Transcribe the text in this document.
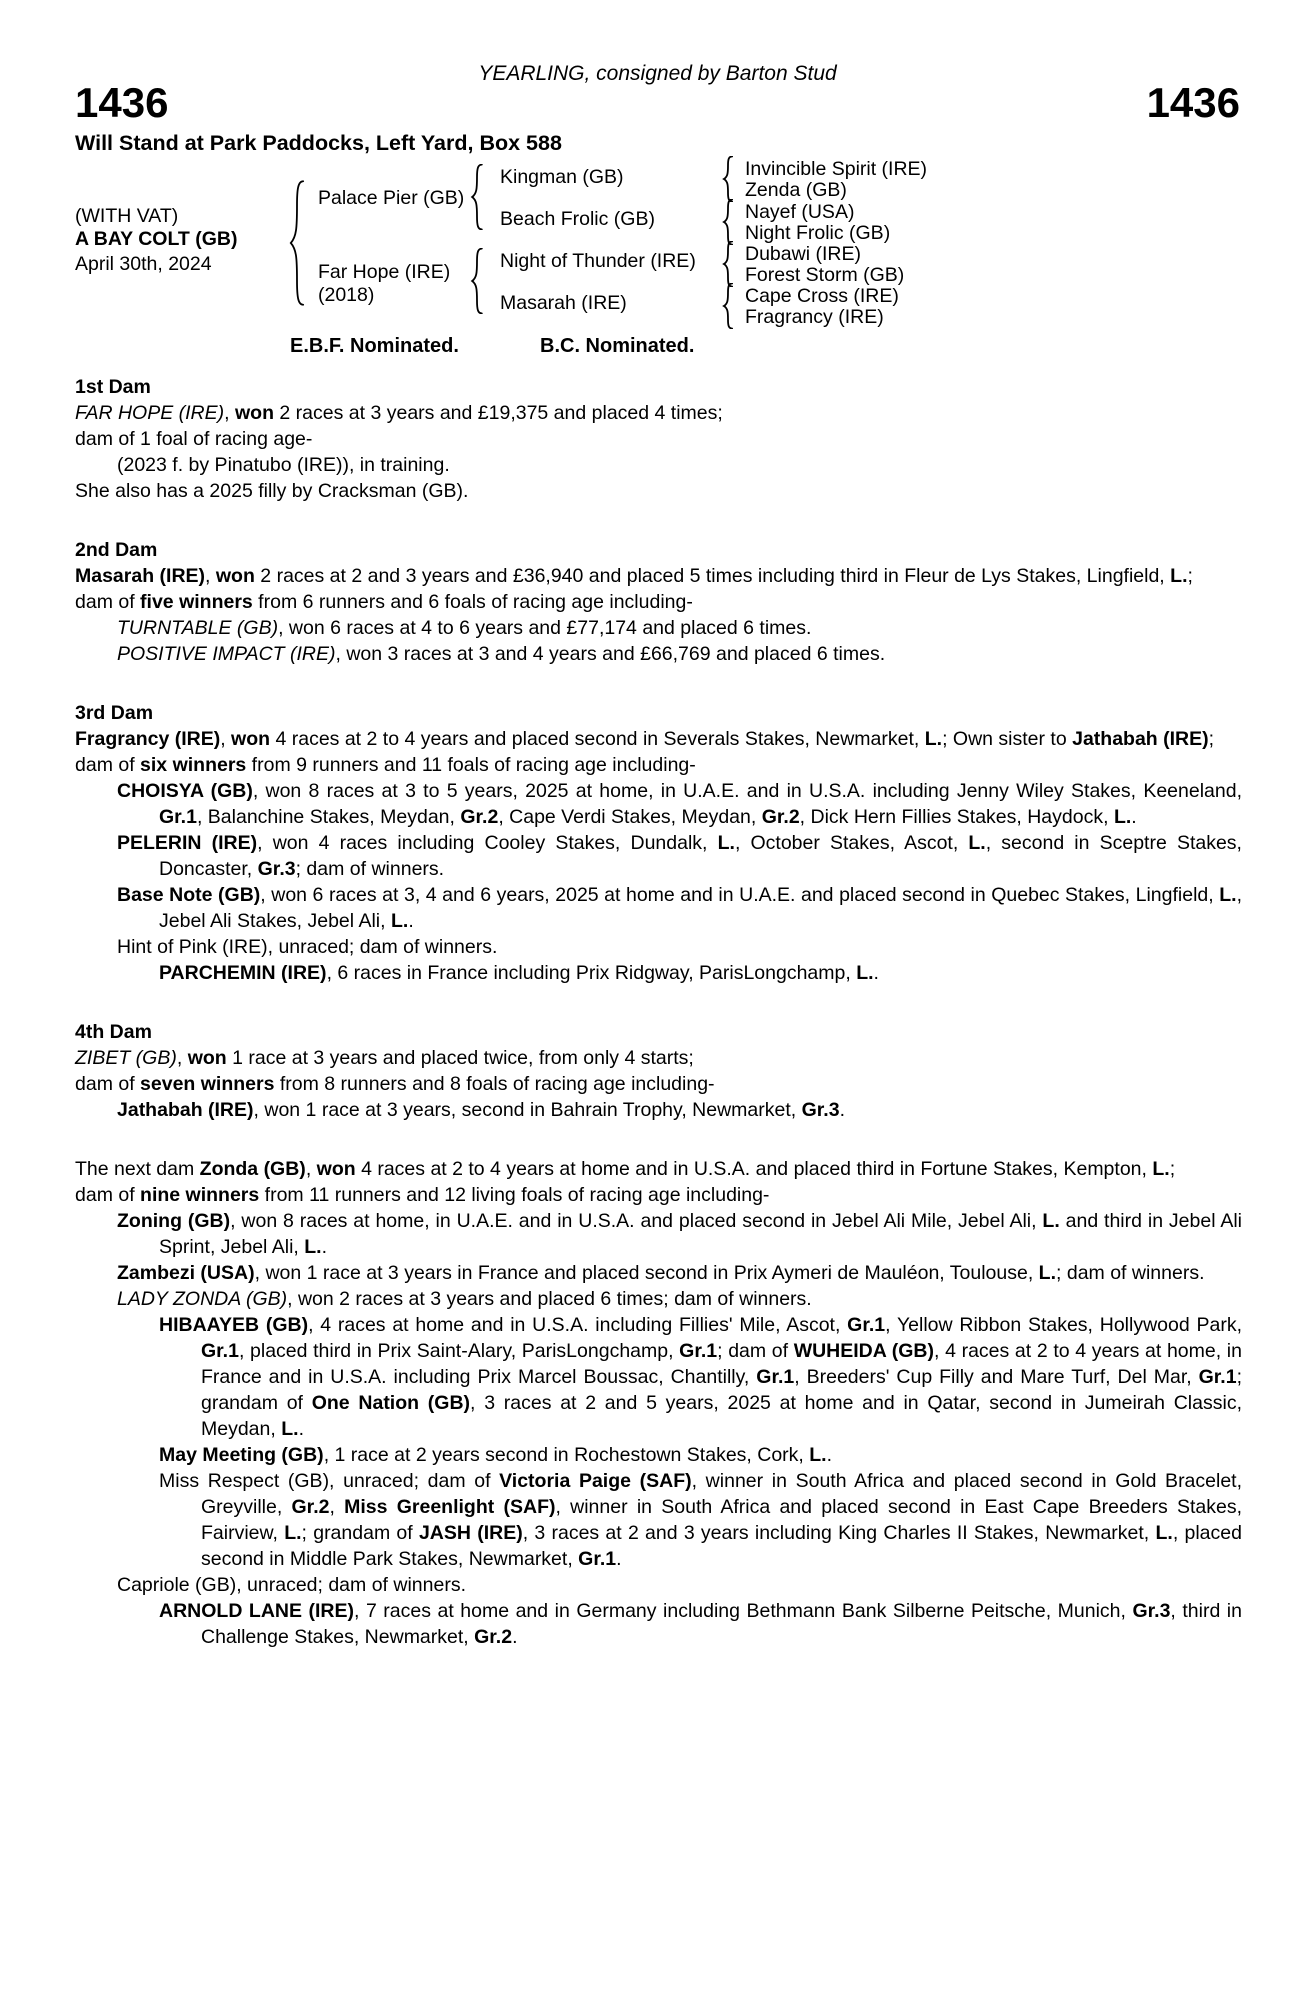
YEARLING, consigned by Barton Stud
1436	1436
Will Stand at Park Paddocks, Left Yard, Box 588
(WITH VAT)
A BAY COLT (GB)
April 30th, 2024
Palace Pier (GB)
Far Hope (IRE)
(2018)
Kingman (GB)
Beach Frolic (GB)
Night of Thunder (IRE)
Masarah (IRE)
Invincible Spirit (IRE)
Zenda (GB)
Nayef (USA)
Night Frolic (GB)
Dubawi (IRE)
Forest Storm (GB)
Cape Cross (IRE)
Fragrancy (IRE)
E.B.F. Nominated.	B.C. Nominated.
1st Dam
FAR HOPE (IRE), won 2 races at 3 years and £19,375 and placed 4 times;
dam of 1 foal of racing age-
(2023 f. by Pinatubo (IRE)), in training.
She also has a 2025 filly by Cracksman (GB).
2nd Dam
Masarah (IRE), won 2 races at 2 and 3 years and £36,940 and placed 5 times including third in Fleur de Lys Stakes, Lingfield, L.;
dam of five winners from 6 runners and 6 foals of racing age including-
TURNTABLE (GB), won 6 races at 4 to 6 years and £77,174 and placed 6 times.
POSITIVE IMPACT (IRE), won 3 races at 3 and 4 years and £66,769 and placed 6 times.
3rd Dam
Fragrancy (IRE), won 4 races at 2 to 4 years and placed second in Severals Stakes, Newmarket, L.; Own sister to Jathabah (IRE);
dam of six winners from 9 runners and 11 foals of racing age including-
CHOISYA (GB), won 8 races at 3 to 5 years, 2025 at home, in U.A.E. and in U.S.A. including Jenny Wiley Stakes, Keeneland, Gr.1, Balanchine Stakes, Meydan, Gr.2, Cape Verdi Stakes, Meydan, Gr.2, Dick Hern Fillies Stakes, Haydock, L..
PELERIN (IRE), won 4 races including Cooley Stakes, Dundalk, L., October Stakes, Ascot, L., second in Sceptre Stakes, Doncaster, Gr.3; dam of winners.
Base Note (GB), won 6 races at 3, 4 and 6 years, 2025 at home and in U.A.E. and placed second in Quebec Stakes, Lingfield, L., Jebel Ali Stakes, Jebel Ali, L..
Hint of Pink (IRE), unraced; dam of winners.
PARCHEMIN (IRE), 6 races in France including Prix Ridgway, ParisLongchamp, L..
4th Dam
ZIBET (GB), won 1 race at 3 years and placed twice, from only 4 starts;
dam of seven winners from 8 runners and 8 foals of racing age including-
Jathabah (IRE), won 1 race at 3 years, second in Bahrain Trophy, Newmarket, Gr.3.
The next dam Zonda (GB), won 4 races at 2 to 4 years at home and in U.S.A. and placed third in Fortune Stakes, Kempton, L.;
dam of nine winners from 11 runners and 12 living foals of racing age including-
Zoning (GB), won 8 races at home, in U.A.E. and in U.S.A. and placed second in Jebel Ali Mile, Jebel Ali, L. and third in Jebel Ali Sprint, Jebel Ali, L..
Zambezi (USA), won 1 race at 3 years in France and placed second in Prix Aymeri de Mauléon, Toulouse, L.; dam of winners.
LADY ZONDA (GB), won 2 races at 3 years and placed 6 times; dam of winners.
HIBAAYEB (GB), 4 races at home and in U.S.A. including Fillies' Mile, Ascot, Gr.1, Yellow Ribbon Stakes, Hollywood Park, Gr.1, placed third in Prix Saint-Alary, ParisLongchamp, Gr.1; dam of WUHEIDA (GB), 4 races at 2 to 4 years at home, in France and in U.S.A. including Prix Marcel Boussac, Chantilly, Gr.1, Breeders' Cup Filly and Mare Turf, Del Mar, Gr.1; grandam of One Nation (GB), 3 races at 2 and 5 years, 2025 at home and in Qatar, second in Jumeirah Classic, Meydan, L..
May Meeting (GB), 1 race at 2 years second in Rochestown Stakes, Cork, L..
Miss Respect (GB), unraced; dam of Victoria Paige (SAF), winner in South Africa and placed second in Gold Bracelet, Greyville, Gr.2, Miss Greenlight (SAF), winner in South Africa and placed second in East Cape Breeders Stakes, Fairview, L.; grandam of JASH (IRE), 3 races at 2 and 3 years including King Charles II Stakes, Newmarket, L., placed second in Middle Park Stakes, Newmarket, Gr.1.
Capriole (GB), unraced; dam of winners.
ARNOLD LANE (IRE), 7 races at home and in Germany including Bethmann Bank Silberne Peitsche, Munich, Gr.3, third in Challenge Stakes, Newmarket, Gr.2.
